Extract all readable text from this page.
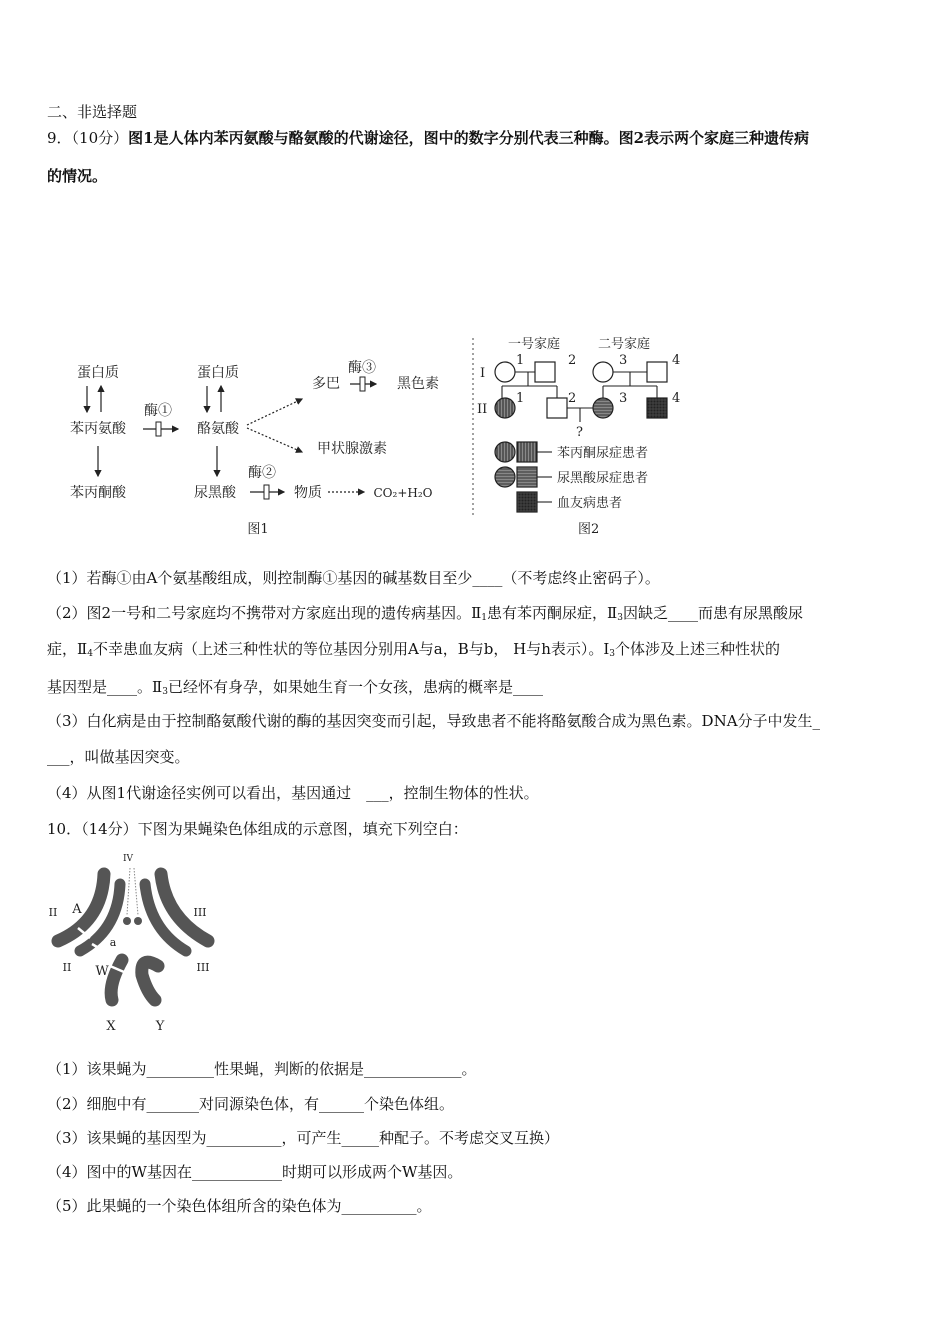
二、非选择题
9．（10分）图1是人体内苯丙氨酸与酪氨酸的代谢途径，图中的数字分别代表三种酶。图2表示两个家庭三种遗传病
的情况。
蛋白质
苯丙氨酸
苯丙酮酸
酶①
蛋白质
酪氨酸
尿黑酸
酶②
物质	CO₂+H₂O
多巴
酶③
黑色素
甲状腺激素
图1
一号家庭	二号家庭
I
II
1	2	3	4
1	2	3	4
?
苯丙酮尿症患者
尿黑酸尿症患者
血友病患者
图2
（1）若酶①由A个氨基酸组成，则控制酶①基因的碱基数目至少____（不考虑终止密码子）。
（2）图2一号和二号家庭均不携带对方家庭出现的遗传病基因。$Ⅱ_1$患有苯丙酮尿症，$Ⅱ_3$因缺乏____而患有尿黑酸尿
症，$Ⅱ_4$不幸患血友病（上述三种性状的等位基因分别用A与a，B与b， H与h表示）。$I_3$个体涉及上述三种性状的
基因型是____。$Ⅱ_3$已经怀有身孕，如果她生育一个女孩，患病的概率是____
（3）白化病是由于控制酪氨酸代谢的酶的基因突变而引起，导致患者不能将酪氨酸合成为黑色素。DNA分子中发生_
___，叫做基因突变。
（4）从图1代谢途径实例可以看出，基因通过　___，控制生物体的性状。
10．（14分）下图为果蝇染色体组成的示意图，填充下列空白：
IV
II A	III
a
II W	III
X	Y
（1）该果蝇为_________性果蝇，判断的依据是_____________。
（2）细胞中有_______对同源染色体，有______个染色体组。
（3）该果蝇的基因型为__________，可产生_____种配子。不考虑交叉互换）
（4）图中的W基因在____________时期可以形成两个W基因。
（5）此果蝇的一个染色体组所含的染色体为__________。
